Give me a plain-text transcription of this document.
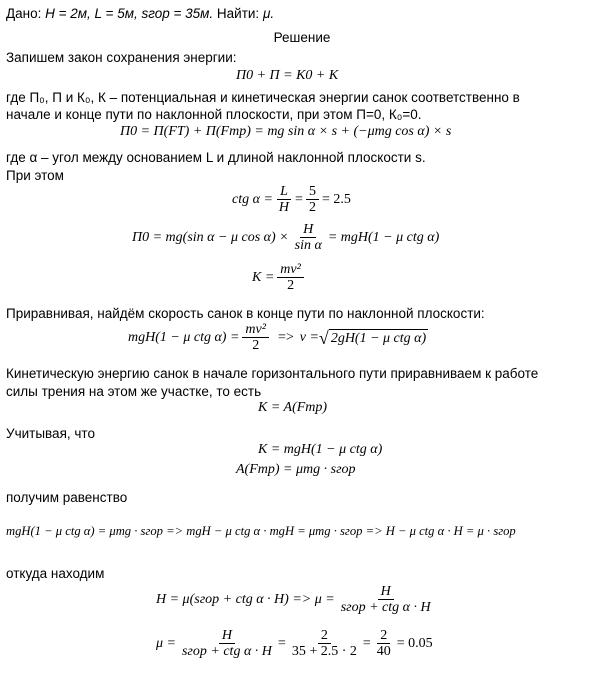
Дано: H = 2м, L = 5м, sгор = 35м. Найти: μ.
Решение
Запишем закон сохранения энергии:
П0 + П = К0 + К
где П₀, П и К₀, К – потенциальная и кинетическая энергии санок соответственно в
начале и конце пути по наклонной плоскости, при этом П=0, К₀=0.
П0 = П(FT) + П(Fтр) = mg sin α × s + (−μmg cos α) × s
где α – угол между основанием L и длиной наклонной плоскости s.
При этом
ctg $\alpha = \frac{L}{H} = \frac{5}{2} = 2.5$
П0 = mg(sin α − μ $\cos \alpha) \times \frac{H}{\text{sin α}} = mgH(1 - \mu$ ctg α)
$K = \frac{\text{mv²}}{2}$
Приравнивая, найдём скорость санок в конце пути по наклонной плоскости:
mgH(1 − μ ctg $\alpha) = \frac{\text{mv²}}{2} => v$ = √ 2gH(1 − μ ctg α)
Кинетическую энергию санок в начале горизонтального пути приравниваем к работе
силы трения на этом же участке, то есть
K = A(Fтр)
Учитывая, что
K = mgH(1 − μ ctg α)
A(Fтр) = μmg · sгор
получим равенство
mgH(1 − μ ctg α) = μmg · sгор => mgH − μ ctg α · mgH = μmg · sгор => H − μ ctg α · H = μ · sгор
откуда находим
H = μ(sгор + ctg $\alpha \cdot H) => \mu = \frac{H}{\text{sгор + ctg α · H}}$
$\mu = \frac{H}{\text{sгор + ctg α · H}} = \frac{2}{35 + 2.5 \cdot 2} = \frac{2}{40} = 0.05$
